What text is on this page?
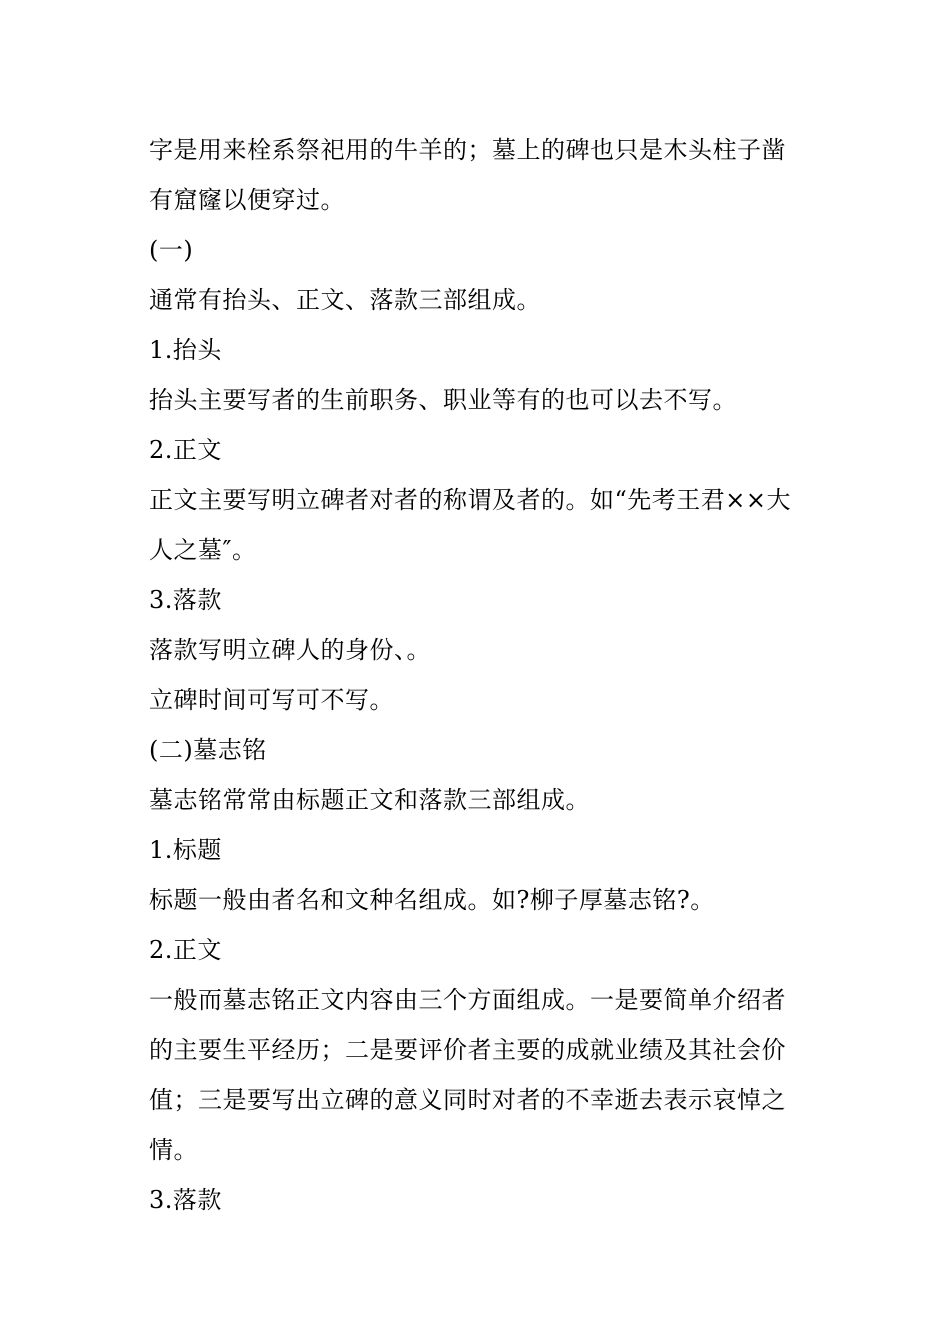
字是用来栓系祭祀用的牛羊的；墓上的碑也只是木头柱子凿有窟窿以便穿过。

(一)

通常有抬头、正文、落款三部组成。

1.抬头

抬头主要写者的生前职务、职业等有的也可以去不写。

2.正文

正文主要写明立碑者对者的称谓及者的。如“先考王君××大人之墓″。

3.落款

落款写明立碑人的身份、。

立碑时间可写可不写。

(二)墓志铭

墓志铭常常由标题正文和落款三部组成。

1.标题

标题一般由者名和文种名组成。如?柳子厚墓志铭?。

2.正文

一般而墓志铭正文内容由三个方面组成。一是要简单介绍者的主要生平经历；二是要评价者主要的成就业绩及其社会价值；三是要写出立碑的意义同时对者的不幸逝去表示哀悼之情。

3.落款
